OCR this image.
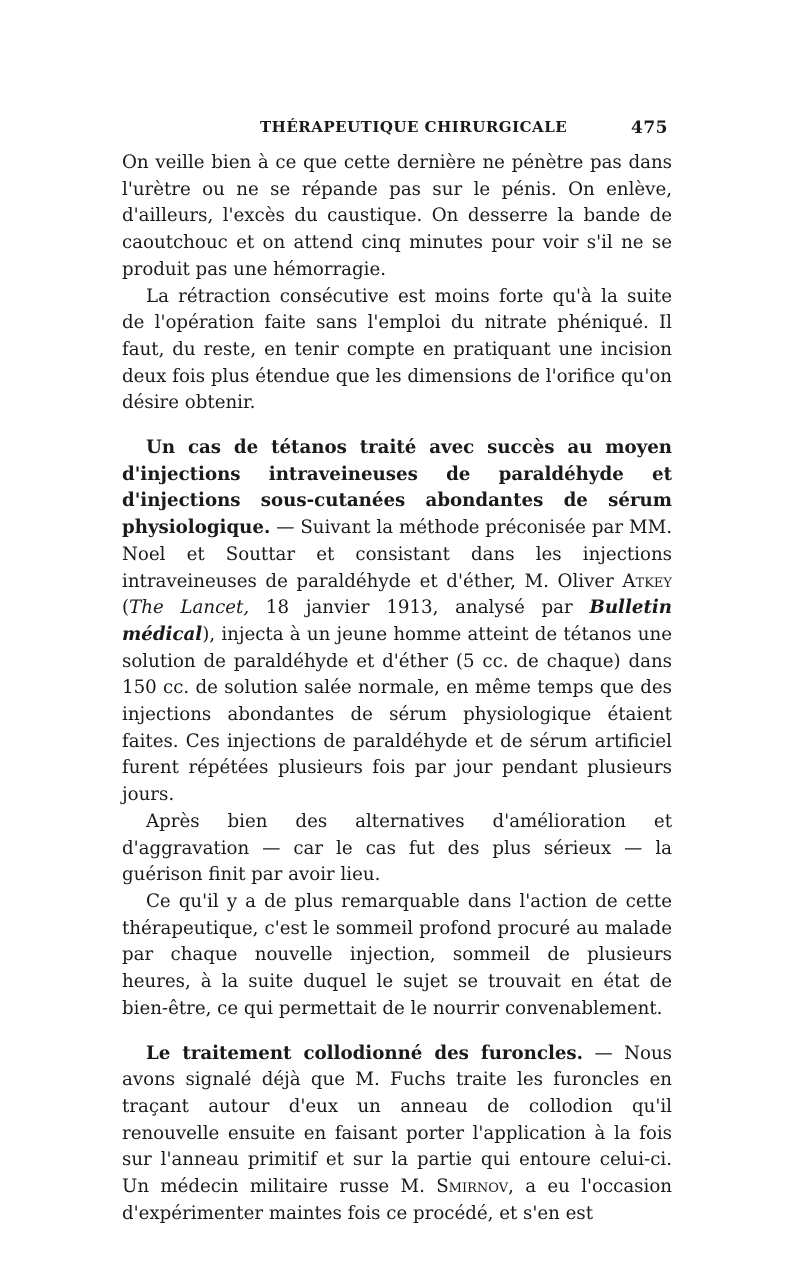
THÉRAPEUTIQUE CHIRURGICALE	475

On veille bien à ce que cette dernière ne pénètre pas dans l'urètre ou ne se répande pas sur le pénis. On enlève, d'ailleurs, l'excès du caustique. On desserre la bande de caoutchouc et on attend cinq minutes pour voir s'il ne se produit pas une hémorragie.

La rétraction consécutive est moins forte qu'à la suite de l'opération faite sans l'emploi du nitrate phéniqué. Il faut, du reste, en tenir compte en pratiquant une incision deux fois plus étendue que les dimensions de l'orifice qu'on désire obtenir.

Un cas de tétanos traité avec succès au moyen d'injections intraveineuses de paraldéhyde et d'injections sous-cutanées abondantes de sérum physiologique. — Suivant la méthode préconisée par MM. Noel et Souttar et consistant dans les injections intraveineuses de paraldéhyde et d'éther, M. Oliver Atkey (The Lancet, 18 janvier 1913, analysé par Bulletin médical), injecta à un jeune homme atteint de tétanos une solution de paraldéhyde et d'éther (5 cc. de chaque) dans 150 cc. de solution salée normale, en même temps que des injections abondantes de sérum physiologique étaient faites. Ces injections de paraldéhyde et de sérum artificiel furent répétées plusieurs fois par jour pendant plusieurs jours.

Après bien des alternatives d'amélioration et d'aggravation — car le cas fut des plus sérieux — la guérison finit par avoir lieu.

Ce qu'il y a de plus remarquable dans l'action de cette thérapeutique, c'est le sommeil profond procuré au malade par chaque nouvelle injection, sommeil de plusieurs heures, à la suite duquel le sujet se trouvait en état de bien-être, ce qui permettait de le nourrir convenablement.

Le traitement collodionné des furoncles. — Nous avons signalé déjà que M. Fuchs traite les furoncles en traçant autour d'eux un anneau de collodion qu'il renouvelle ensuite en faisant porter l'application à la fois sur l'anneau primitif et sur la partie qui entoure celui-ci. Un médecin militaire russe M. Smirnov, a eu l'occasion d'expérimenter maintes fois ce procédé, et s'en est
